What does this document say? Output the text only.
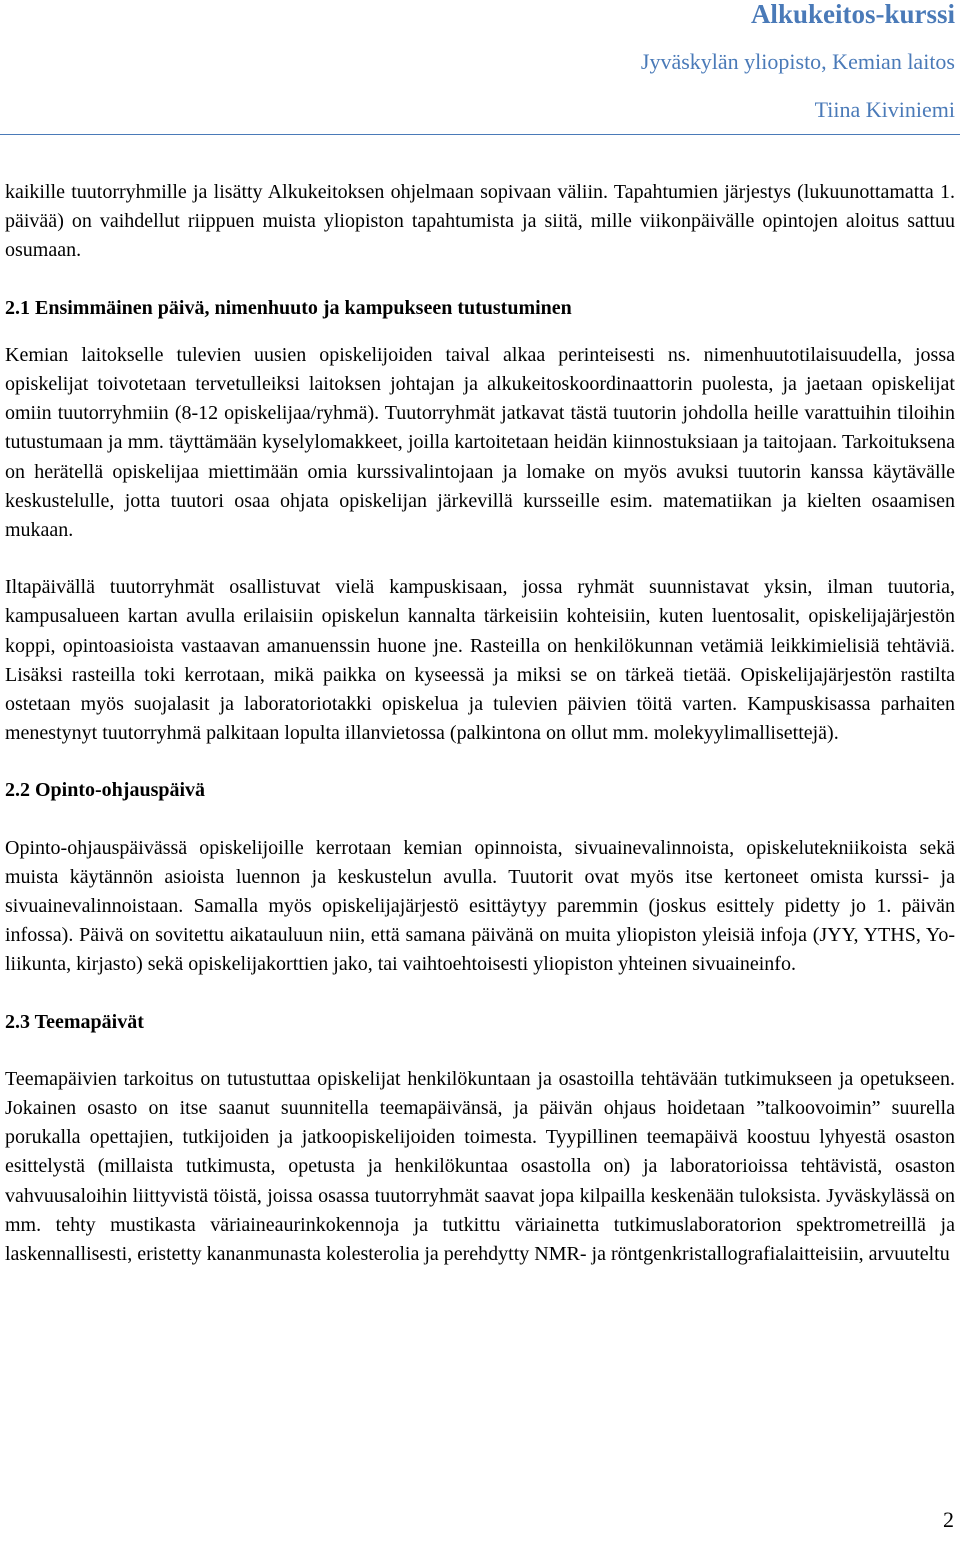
Alkukeitos-kurssi
Jyväskylän yliopisto, Kemian laitos
Tiina Kiviniemi

kaikille tuutorryhmille ja lisätty Alkukeitoksen ohjelmaan sopivaan väliin. Tapahtumien järjestys (lukuunottamatta 1. päivää) on vaihdellut riippuen muista yliopiston tapahtumista ja siitä, mille viikonpäivälle opintojen aloitus sattuu osumaan.

2.1 Ensimmäinen päivä, nimenhuuto ja kampukseen tutustuminen

Kemian laitokselle tulevien uusien opiskelijoiden taival alkaa perinteisesti ns. nimenhuutotilaisuudella, jossa opiskelijat toivotetaan tervetulleiksi laitoksen johtajan ja alkukeitoskoordinaattorin puolesta, ja jaetaan opiskelijat omiin tuutorryhmiin (8-12 opiskelijaa/ryhmä). Tuutorryhmät jatkavat tästä tuutorin johdolla heille varattuihin tiloihin tutustumaan ja mm. täyttämään kyselylomakkeet, joilla kartoitetaan heidän kiinnostuksiaan ja taitojaan. Tarkoituksena on herätellä opiskelijaa miettimään omia kurssivalintojaan ja lomake on myös avuksi tuutorin kanssa käytävälle keskustelulle, jotta tuutori osaa ohjata opiskelijan järkevillä kursseille esim. matematiikan ja kielten osaamisen mukaan.

Iltapäivällä tuutorryhmät osallistuvat vielä kampuskisaan, jossa ryhmät suunnistavat yksin, ilman tuutoria, kampusalueen kartan avulla erilaisiin opiskelun kannalta tärkeisiin kohteisiin, kuten luentosalit, opiskelijajärjestön koppi, opintoasioista vastaavan amanuenssin huone jne. Rasteilla on henkilökunnan vetämiä leikkimielisiä tehtäviä. Lisäksi rasteilla toki kerrotaan, mikä paikka on kyseessä ja miksi se on tärkeä tietää. Opiskelijajärjestön rastilta ostetaan myös suojalasit ja laboratoriotakki opiskelua ja tulevien päivien töitä varten. Kampuskisassa parhaiten menestynyt tuutorryhmä palkitaan lopulta illanvietossa (palkintona on ollut mm. molekyylimallisettejä).

2.2 Opinto-ohjauspäivä

Opinto-ohjauspäivässä opiskelijoille kerrotaan kemian opinnoista, sivuainevalinnoista, opiskelutekniikoista sekä muista käytännön asioista luennon ja keskustelun avulla. Tuutorit ovat myös itse kertoneet omista kurssi- ja sivuainevalinnoistaan. Samalla myös opiskelijajärjestö esittäytyy paremmin (joskus esittely pidetty jo 1. päivän infossa). Päivä on sovitettu aikatauluun niin, että samana päivänä on muita yliopiston yleisiä infoja (JYY, YTHS, Yoliikunta, kirjasto) sekä opiskelijakorttien jako, tai vaihtoehtoisesti yliopiston yhteinen sivuaineinfo.

2.3 Teemapäivät

Teemapäivien tarkoitus on tutustuttaa opiskelijat henkilökuntaan ja osastoilla tehtävään tutkimukseen ja opetukseen. Jokainen osasto on itse saanut suunnitella teemapäivänsä, ja päivän ohjaus hoidetaan ”talkoovoimin” suurella porukalla opettajien, tutkijoiden ja jatkoopiskelijoiden toimesta. Tyypillinen teemapäivä koostuu lyhyestä osaston esittelystä (millaista tutkimusta, opetusta ja henkilökuntaa osastolla on) ja laboratorioissa tehtävistä, osaston vahvuusaloihin liittyvistä töistä, joissa osassa tuutorryhmät saavat jopa kilpailla keskenään tuloksista. Jyväskylässä on mm. tehty mustikasta väriaineaurinkokennoja ja tutkittu väriainetta tutkimuslaboratorion spektrometreillä ja laskennallisesti, eristetty kananmunasta kolesterolia ja perehdytty NMR- ja röntgenkristallografialaitteisiin, arvuuteltu

2
